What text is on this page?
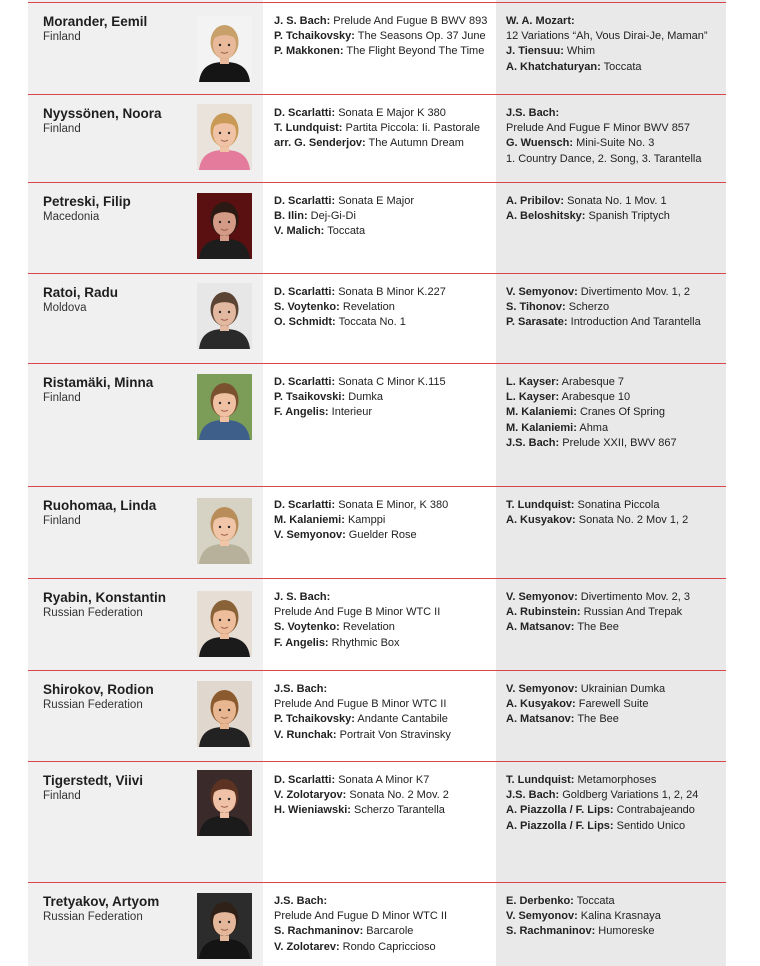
Morander, Eemil
Finland
J. S. Bach: Prelude And Fugue B BWV 893
P. Tchaikovsky: The Seasons Op. 37 June
P. Makkonen: The Flight Beyond The Time
W. A. Mozart:
12 Variations “Ah, Vous Dirai-Je, Maman”
J. Tiensuu: Whim
A. Khatchaturyan: Toccata
Nyyssönen, Noora
Finland
D. Scarlatti: Sonata E Major K 380
T. Lundquist: Partita Piccola: Ii. Pastorale
arr. G. Senderjov: The Autumn Dream
J.S. Bach:
Prelude And Fugue F Minor BWV 857
G. Wuensch: Mini-Suite No. 3
1. Country Dance, 2. Song, 3. Tarantella
Petreski, Filip
Macedonia
D. Scarlatti: Sonata E Major
B. Ilin: Dej-Gi-Di
V. Malich: Toccata
A. Pribilov: Sonata No. 1 Mov. 1
A. Beloshitsky: Spanish Triptych
Ratoi, Radu
Moldova
D. Scarlatti: Sonata B Minor K.227
S. Voytenko: Revelation
O. Schmidt: Toccata No. 1
V. Semyonov: Divertimento Mov. 1, 2
S. Tihonov: Scherzo
P. Sarasate: Introduction And Tarantella
Ristamäki, Minna
Finland
D. Scarlatti: Sonata C Minor K.115
P. Tsaikovski: Dumka
F. Angelis: Interieur
L. Kayser: Arabesque 7
L. Kayser: Arabesque 10
M. Kalaniemi: Cranes Of Spring
M. Kalaniemi: Ahma
J.S. Bach: Prelude XXII, BWV 867
Ruohomaa, Linda
Finland
D. Scarlatti: Sonata E Minor, K 380
M. Kalaniemi: Kamppi
V. Semyonov: Guelder Rose
T. Lundquist: Sonatina Piccola
A. Kusyakov: Sonata No. 2 Mov 1, 2
Ryabin, Konstantin
Russian Federation
J. S. Bach:
Prelude And Fuge B Minor WTC II
S. Voytenko: Revelation
F. Angelis: Rhythmic Box
V. Semyonov: Divertimento Mov. 2, 3
A. Rubinstein: Russian And Trepak
A. Matsanov: The Bee
Shirokov, Rodion
Russian Federation
J.S. Bach:
Prelude And Fugue B Minor WTC II
P. Tchaikovsky: Andante Cantabile
V. Runchak: Portrait Von Stravinsky
V. Semyonov: Ukrainian Dumka
A. Kusyakov: Farewell Suite
A. Matsanov: The Bee
Tigerstedt, Viivi
Finland
D. Scarlatti: Sonata A Minor K7
V. Zolotaryov: Sonata No. 2 Mov. 2
H. Wieniawski: Scherzo Tarantella
T. Lundquist: Metamorphoses
J.S. Bach: Goldberg Variations 1, 2, 24
A. Piazzolla / F. Lips: Contrabajeando
A. Piazzolla / F. Lips: Sentido Unico
Tretyakov, Artyom
Russian Federation
J.S. Bach:
Prelude And Fugue D Minor WTC II
S. Rachmaninov: Barcarole
V. Zolotarev: Rondo Capriccioso
E. Derbenko: Toccata
V. Semyonov: Kalina Krasnaya
S. Rachmaninov: Humoreske
